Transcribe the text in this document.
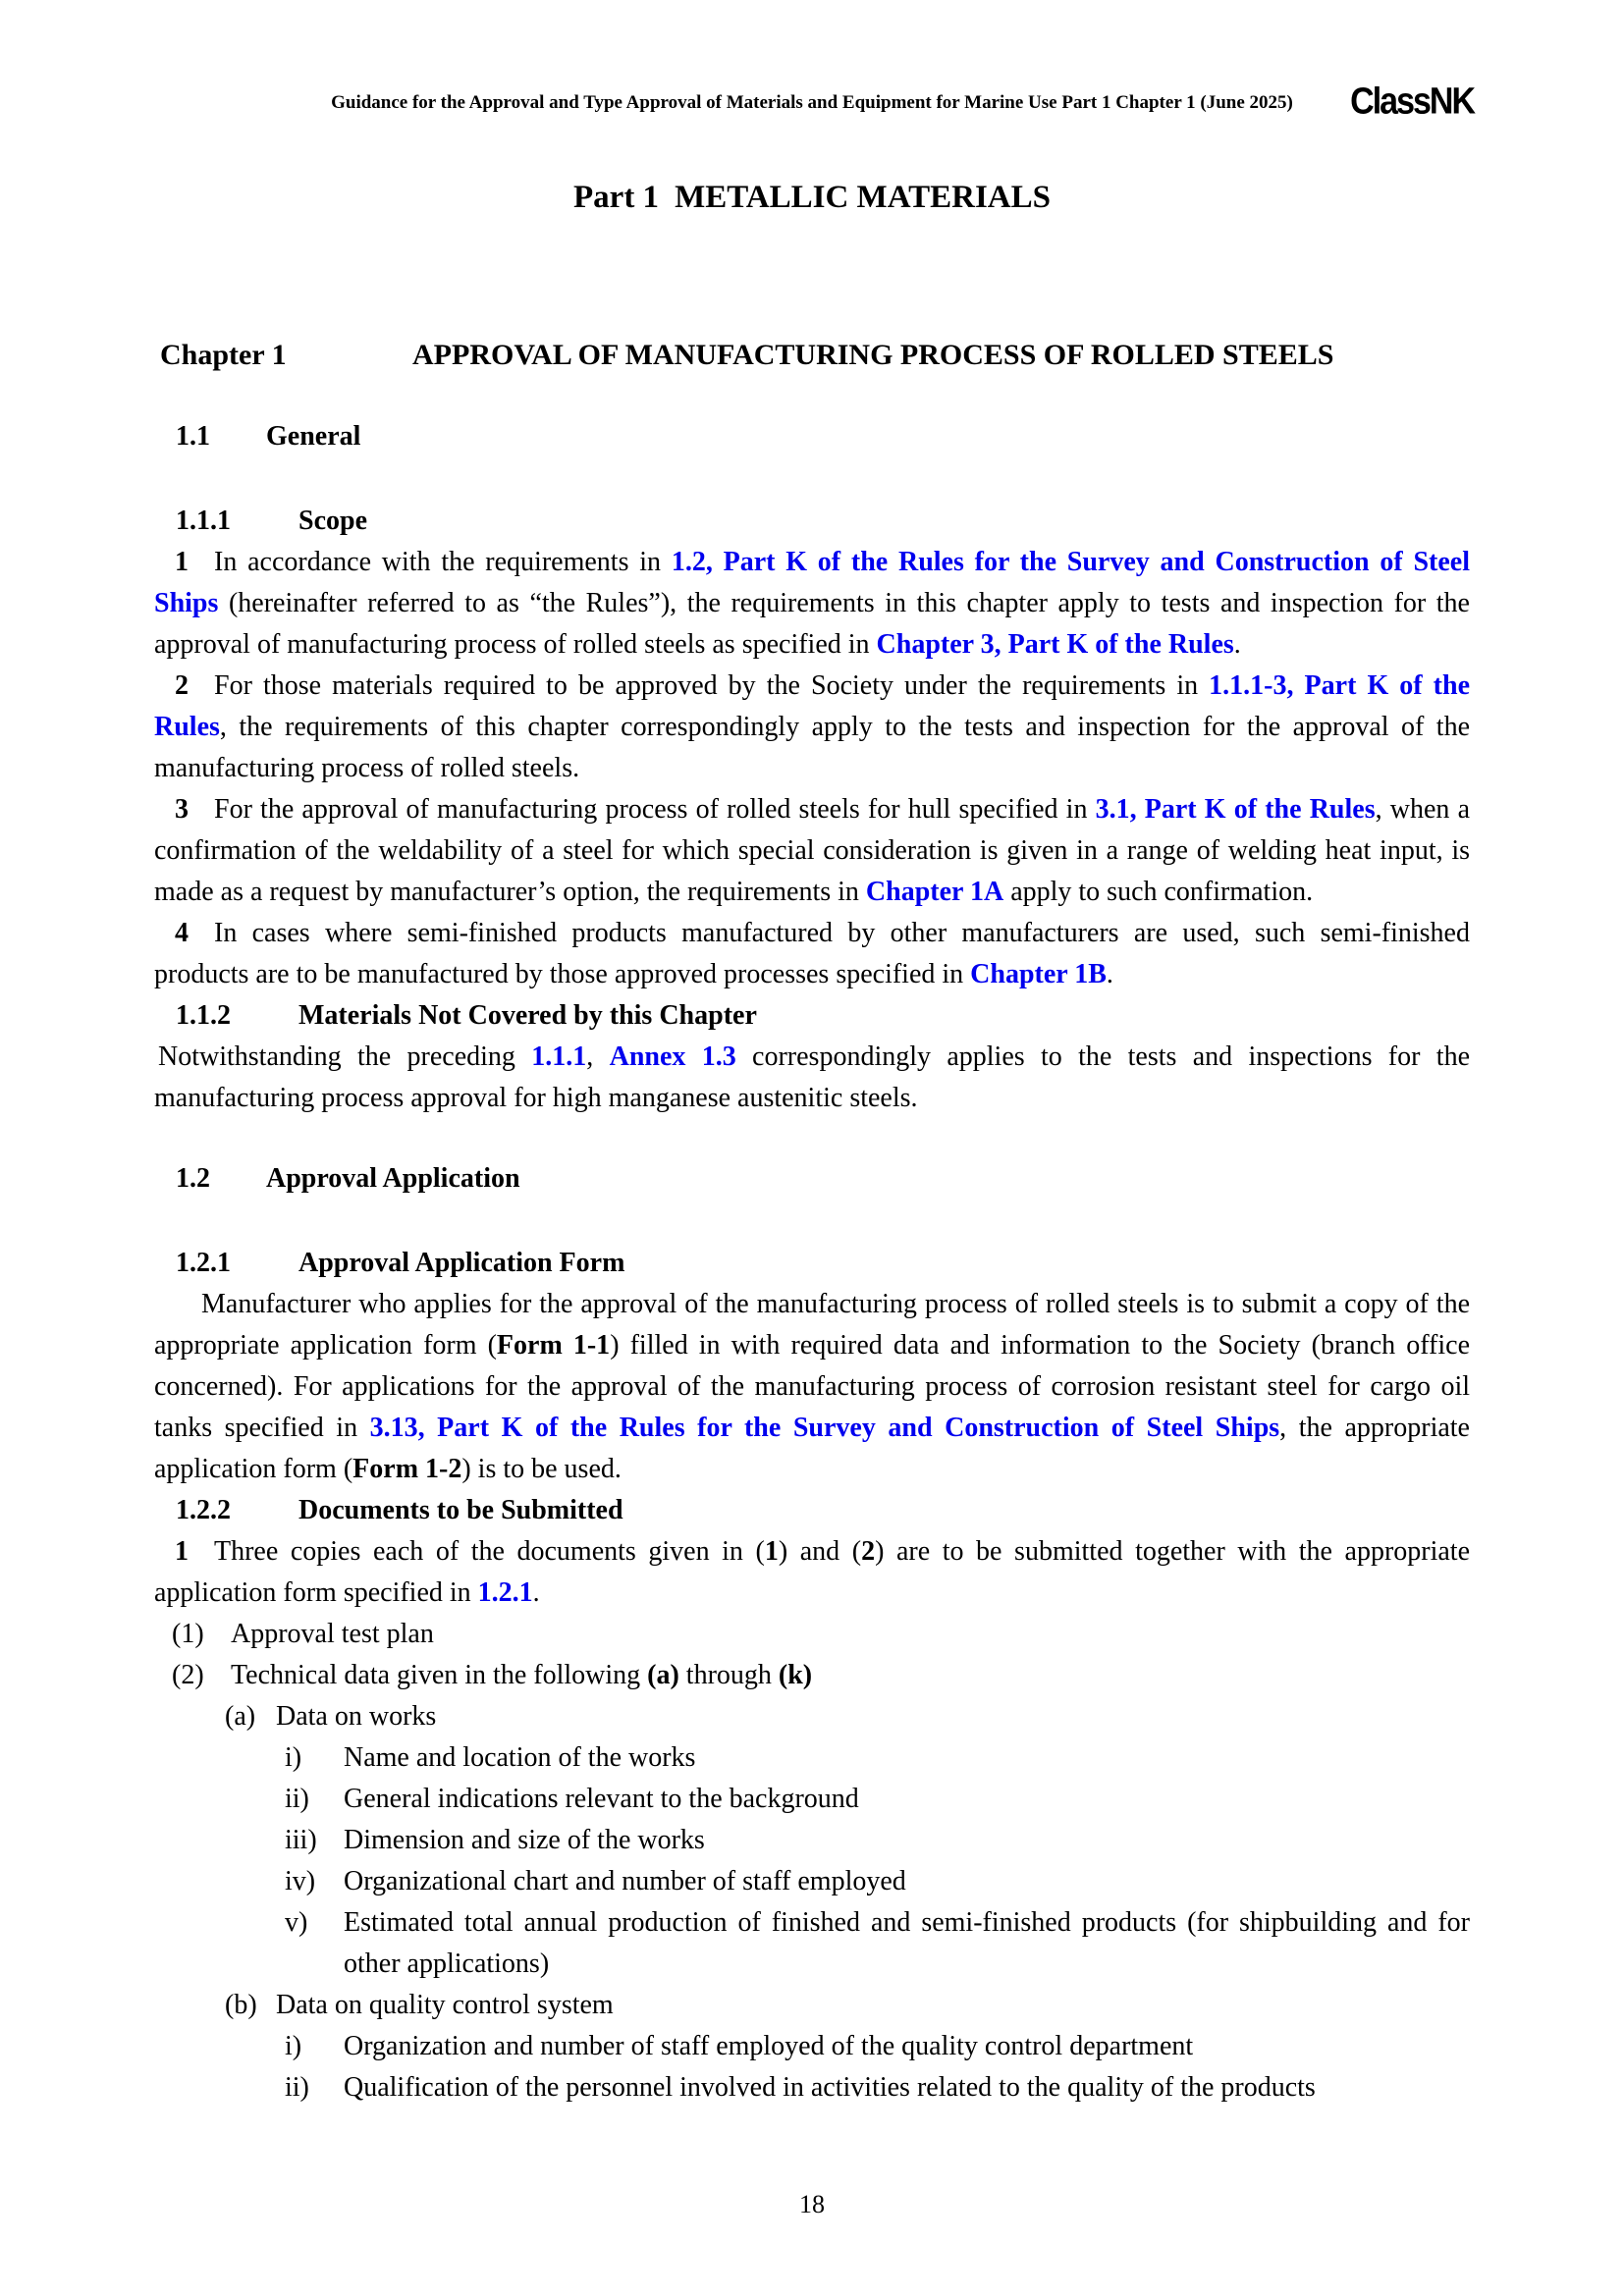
Guidance for the Approval and Type Approval of Materials and Equipment for Marine Use Part 1 Chapter 1 (June 2025)	ClassNK
Part 1 METALLIC MATERIALS
Chapter 1	APPROVAL OF MANUFACTURING PROCESS OF ROLLED STEELS
1.1	General
1.1.1	Scope

1 In accordance with the requirements in 1.2, Part K of the Rules for the Survey and Construction of Steel Ships (hereinafter referred to as “the Rules”), the requirements in this chapter apply to tests and inspection for the approval of manufacturing process of rolled steels as specified in Chapter 3, Part K of the Rules.

2 For those materials required to be approved by the Society under the requirements in 1.1.1-3, Part K of the Rules, the requirements of this chapter correspondingly apply to the tests and inspection for the approval of the manufacturing process of rolled steels.

3 For the approval of manufacturing process of rolled steels for hull specified in 3.1, Part K of the Rules, when a confirmation of the weldability of a steel for which special consideration is given in a range of welding heat input, is made as a request by manufacturer’s option, the requirements in Chapter 1A apply to such confirmation.

4 In cases where semi-finished products manufactured by other manufacturers are used, such semi-finished products are to be manufactured by those approved processes specified in Chapter 1B.

1.1.2	Materials Not Covered by this Chapter

Notwithstanding the preceding 1.1.1, Annex 1.3 correspondingly applies to the tests and inspections for the manufacturing process approval for high manganese austenitic steels.

1.2	Approval Application
1.2.1	Approval Application Form

Manufacturer who applies for the approval of the manufacturing process of rolled steels is to submit a copy of the appropriate application form (Form 1-1) filled in with required data and information to the Society (branch office concerned). For applications for the approval of the manufacturing process of corrosion resistant steel for cargo oil tanks specified in 3.13, Part K of the Rules for the Survey and Construction of Steel Ships, the appropriate application form (Form 1-2) is to be used.

1.2.2	Documents to be Submitted

1 Three copies each of the documents given in (1) and (2) are to be submitted together with the appropriate application form specified in 1.2.1.

(1) Approval test plan
(2) Technical data given in the following (a) through (k)
(a) Data on works
i)	Name and location of the works
ii)	General indications relevant to the background
iii) Dimension and size of the works
iv)	Organizational chart and number of staff employed
v)	Estimated total annual production of finished and semi-finished products (for shipbuilding and for other applications)
(b) Data on quality control system
i)	Organization and number of staff employed of the quality control department
ii)	Qualification of the personnel involved in activities related to the quality of the products
18
